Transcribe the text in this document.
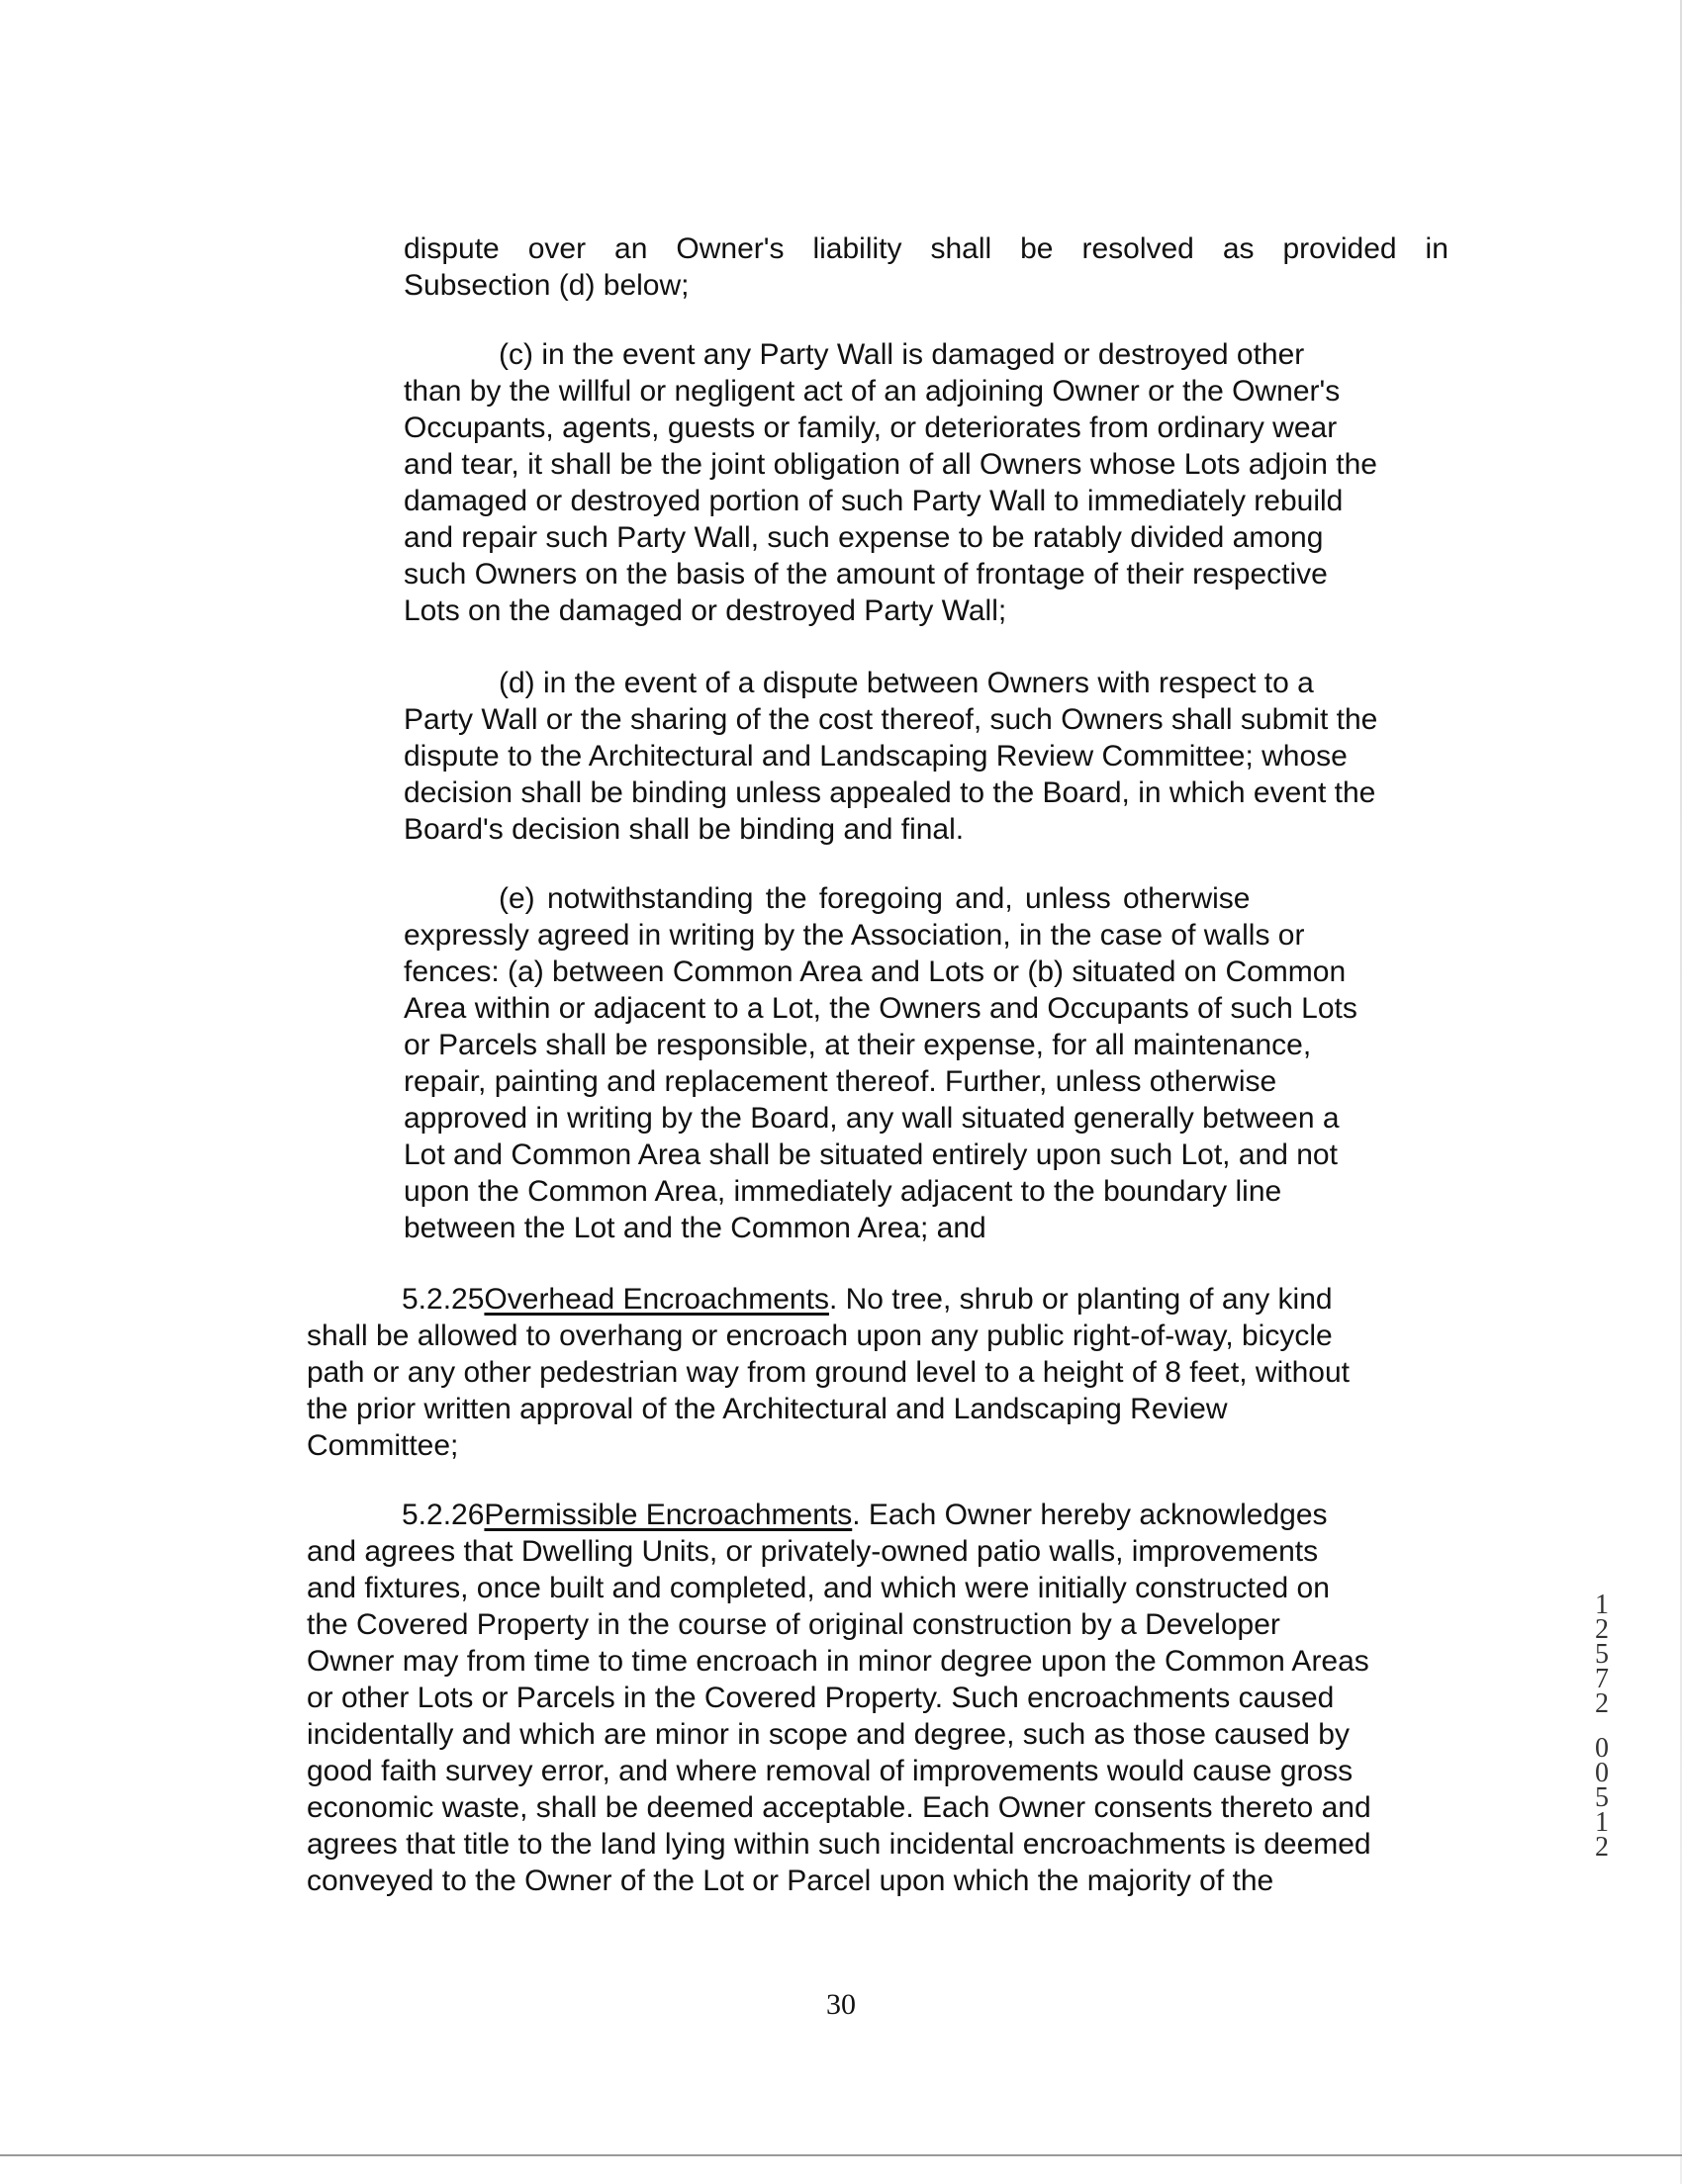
dispute over an Owner's liability shall be resolved as provided in
Subsection (d) below;
(c) in the event any Party Wall is damaged or destroyed other
than by the willful or negligent act of an adjoining Owner or the Owner's
Occupants, agents, guests or family, or deteriorates from ordinary wear
and tear, it shall be the joint obligation of all Owners whose Lots adjoin the
damaged or destroyed portion of such Party Wall to immediately rebuild
and repair such Party Wall, such expense to be ratably divided among
such Owners on the basis of the amount of frontage of their respective
Lots on the damaged or destroyed Party Wall;
(d) in the event of a dispute between Owners with respect to a
Party Wall or the sharing of the cost thereof, such Owners shall submit the
dispute to the Architectural and Landscaping Review Committee; whose
decision shall be binding unless appealed to the Board, in which event the
Board's decision shall be binding and final.
(e) notwithstanding the foregoing and, unless otherwise
expressly agreed in writing by the Association, in the case of walls or
fences: (a) between Common Area and Lots or (b) situated on Common
Area within or adjacent to a Lot, the Owners and Occupants of such Lots
or Parcels shall be responsible, at their expense, for all maintenance,
repair, painting and replacement thereof. Further, unless otherwise
approved in writing by the Board, any wall situated generally between a
Lot and Common Area shall be situated entirely upon such Lot, and not
upon the Common Area, immediately adjacent to the boundary line
between the Lot and the Common Area; and
5.2.25Overhead Encroachments. No tree, shrub or planting of any kind
shall be allowed to overhang or encroach upon any public right-of-way, bicycle
path or any other pedestrian way from ground level to a height of 8 feet, without
the prior written approval of the Architectural and Landscaping Review
Committee;
5.2.26Permissible Encroachments. Each Owner hereby acknowledges
and agrees that Dwelling Units, or privately-owned patio walls, improvements
and fixtures, once built and completed, and which were initially constructed on
the Covered Property in the course of original construction by a Developer
Owner may from time to time encroach in minor degree upon the Common Areas
or other Lots or Parcels in the Covered Property. Such encroachments caused
incidentally and which are minor in scope and degree, such as those caused by
good faith survey error, and where removal of improvements would cause gross
economic waste, shall be deemed acceptable. Each Owner consents thereto and
agrees that title to the land lying within such incidental encroachments is deemed
conveyed to the Owner of the Lot or Parcel upon which the majority of the
30
1
2
5
7
2
0
0
5
1
2
